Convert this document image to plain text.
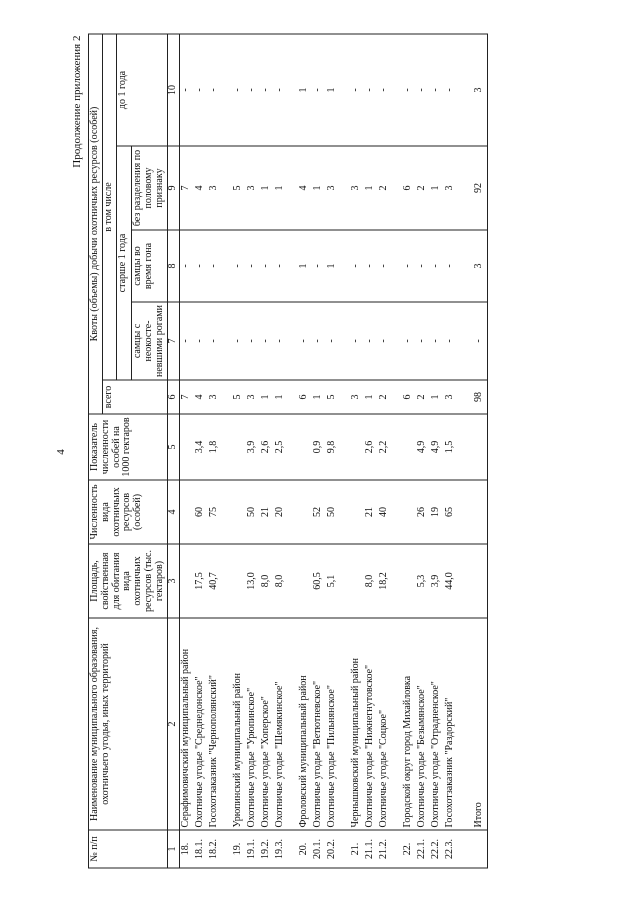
4
Продолжение приложения 2
№ п/п	Наименование муниципального образования, охотничьего угодья, иных территорий	Площадь, свойственная для обитания вида охотничьих ресурсов (тыс. гектаров)	Численность вида охотничьих ресурсов (особей)	Показатель численности особей на 1000 гектаров	Квоты (объемы) добычи охотничьих ресурсов (особей)				
					всего	в том числе			
						старше 1 года			до 1 года
						самцы с неокосте-невшими рогами	самцы во время гона	без разделения по половому признаку	
1	2	3	4	5	6	7	8	9	10
18.	Серафимовичский муниципальный район				7	-	-	7	-
18.1.	Охотничье угодье "Среднедонское"	17,5	60	3,4	4	-	-	4	-
18.2.	Госохотзаказник "Чернополянский"	40,7	75	1,8	3	-	-	3	-

19.	Урюпинский муниципальный район				5	-	-	5	-
19.1.	Охотничье угодье "Урюпинское"	13,0	50	3,9	3	-	-	3	-
19.2.	Охотничье угодье "Хоперское"	8,0	21	2,6	1	-	-	1	-
19.3.	Охотничье угодье "Шемякинское"	8,0	20	2,5	1	-	-	1	-

20.	Фроловский муниципальный район				6	-	1	4	1
20.1.	Охотничье угодье "Ветютневское"	60,5	52	0,9	1	-	-	1	-
20.2.	Охотничье угодье "Пильнянское"	5,1	50	9,8	5	-	1	3	1

21.	Чернышковский муниципальный район				3	-	-	3	-
21.1.	Охотничье угодье "Нижнегнутовское"	8,0	21	2,6	1	-	-	1	-
21.2.	Охотничье угодье "Соцкое"	18,2	40	2,2	2	-	-	2	-

22.	Городской округ город Михайловка				6	-	-	6	-
22.1.	Охотничье угодье "Безымянское"	5,3	26	4,9	2	-	-	2	-
22.2.	Охотничье угодье "Отрадненское"	3,9	19	4,9	1	-	-	1	-
22.3.	Госохотзаказник "Раздорский"	44,0	65	1,5	3	-	-	3	-

	Итого				98	-	3	92	3
